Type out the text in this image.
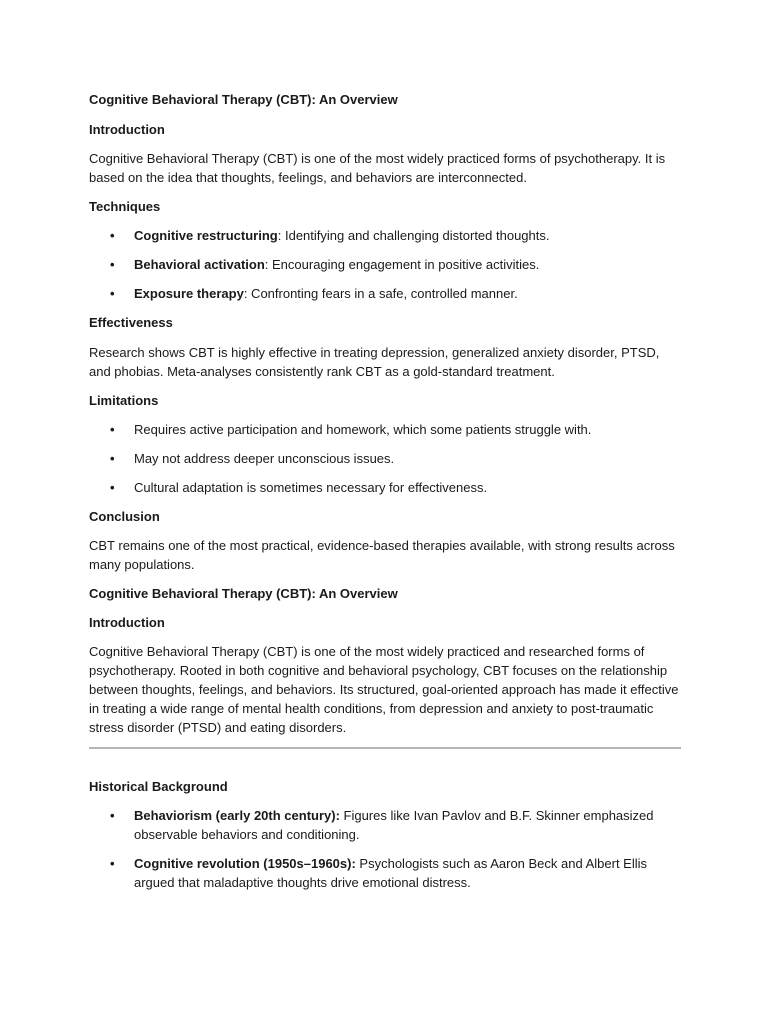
Cognitive Behavioral Therapy (CBT): An Overview

Introduction

Cognitive Behavioral Therapy (CBT) is one of the most widely practiced forms of psychotherapy. It is based on the idea that thoughts, feelings, and behaviors are interconnected.

Techniques

• Cognitive restructuring: Identifying and challenging distorted thoughts.
• Behavioral activation: Encouraging engagement in positive activities.
• Exposure therapy: Confronting fears in a safe, controlled manner.

Effectiveness

Research shows CBT is highly effective in treating depression, generalized anxiety disorder, PTSD, and phobias. Meta-analyses consistently rank CBT as a gold-standard treatment.

Limitations

• Requires active participation and homework, which some patients struggle with.
• May not address deeper unconscious issues.
• Cultural adaptation is sometimes necessary for effectiveness.

Conclusion

CBT remains one of the most practical, evidence-based therapies available, with strong results across many populations.

Cognitive Behavioral Therapy (CBT): An Overview

Introduction

Cognitive Behavioral Therapy (CBT) is one of the most widely practiced and researched forms of psychotherapy. Rooted in both cognitive and behavioral psychology, CBT focuses on the relationship between thoughts, feelings, and behaviors. Its structured, goal-oriented approach has made it effective in treating a wide range of mental health conditions, from depression and anxiety to post-traumatic stress disorder (PTSD) and eating disorders.

Historical Background

• Behaviorism (early 20th century): Figures like Ivan Pavlov and B.F. Skinner emphasized observable behaviors and conditioning.
• Cognitive revolution (1950s–1960s): Psychologists such as Aaron Beck and Albert Ellis argued that maladaptive thoughts drive emotional distress.
